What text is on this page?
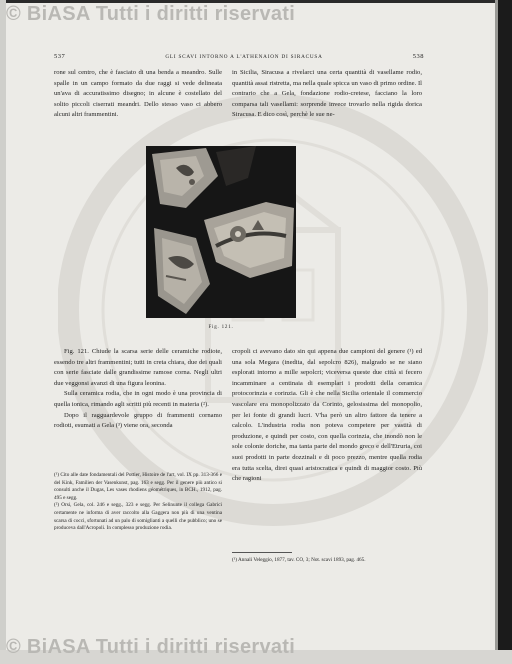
© BiASA Tutti i diritti riservati
© BiASA Tutti i diritti riservati
537	GLI SCAVI INTORNO A L'ATHENAION DI SIRACUSA	538

rone sul centro, che è fasciato di una benda a meandro. Sulle spalle in un campo formato da due raggi si vede delineata un'ava di accuratissimo disegno; in alcune è costellato del solito piccoli ciserrati meandri. Dello stesso vaso ci abbero alcuni altri frammentini.

in Sicilia, Siracusa a rivelarci una certa quantità di vasellame rodio, quantità assai ristretta, ma nella quale spicca un vaso di primo ordine. Il contrario che a Gela, fondazione rodio-cretese, facciano la loro comparsa tali vasellami: sorprende invece trovarlo nella rigida dorica Siracusa. E dico così, perchè le sue ne-

Fig. 121.

Fig. 121. Chiude la scarsa serie delle ceramiche rodiote, essendo tre altri frammentini; tutti in creta chiara, due dei quali con serie fasciate dalle grandissime ramose corna. Negli ultri due veggonsi avanzi di una figura leonina.

Sulla ceramica rodia, che in ogni modo è una provincia di quella ionica, rimando agli scritti più recenti in materia (²).

Dopo il ragguardevole gruppo di frammenti cornamo rodioti, esumati a Gela (³) viene ora, seconda

cropoli ci avevano dato sin qui appena due campioni del genere (¹) ed una sola Megara (inedita, dal sepolcro 826), malgrado se ne siano esplorati intorno a mille sepolcri; viceversa queste due città si fecero incamminare a centinaia di esemplari i prodotti della ceramica protocorinzia e corinzia. Gli è che nella Sicilia orientale il commercio vascolare era monopolizzato da Corinto, gelosissima del monopolio, per lei fonte di grandi lucri. V'ha però un altro fattore da tenere a calcolo. L'industria rodia non poteva competere per vastità di produzione, e quindi per costo, con quella corinzia, che inondò non le sole colonie doriche, ma tanta parte del mondo greco e dell'Etruria, coi suoi prodotti in parte dozzinali e di poco prezzo, mentre quella rodia era tutta scelta, direi quasi aristocratica e quindi di maggior costo. Più che ragioni

(¹) Cito alle date fondamentali del Pottier, Histoire de l'art, vol. IX pp. 313-366 e del Kink, Familien der Vasenkunst, pag. 163 e segg. Per il genere più antico si consulti anche il Dugas, Les vases rhodiens géométriques, in BCH., 1912, pag. 495 e segg.

(²) Orsi, Gela, col. 246 e segg., 323 e segg. Per Selinunte il collega Gabrici certamente ne informa di aver raccolto alla Gaggera non più di una ventina scarsa di cocci, sfortunati ad un palo di somiglianti a quelli che pubblico; uno se produceva dall'Acropoli. In complesso produzione rodia.

(¹) Annali Veleggio, 1877, tav. CO, 3; Not. scavi 1893, pag. 465.
